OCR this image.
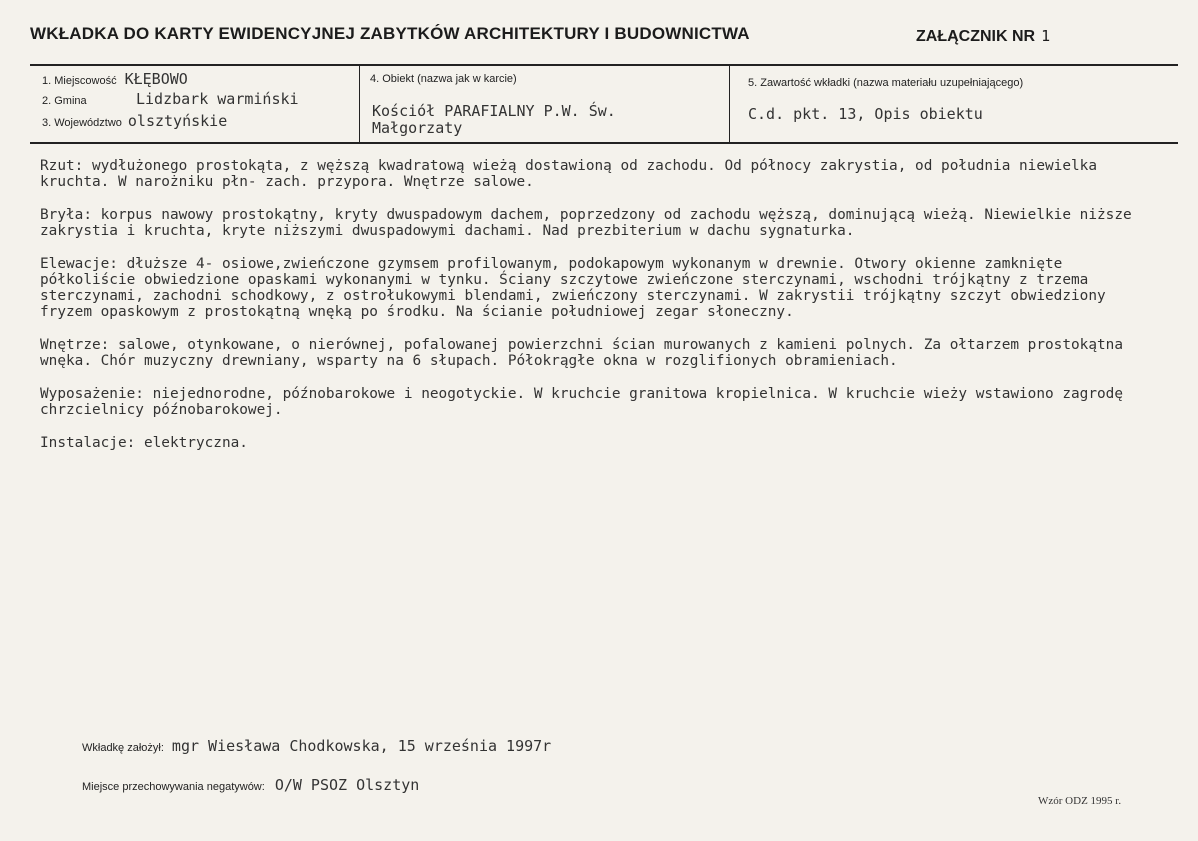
WKŁADKA DO KARTY EWIDENCYJNEJ ZABYTKÓW ARCHITEKTURY I BUDOWNICTWA	ZAŁĄCZNIK NR 1
1. Miejscowość KŁĘBOWO
2. Gmina	Lidzbark warmiński
3. Województwo olsztyńskie
4. Obiekt (nazwa jak w karcie)
Kościół PARAFIALNY P.W. Św.
Małgorzaty
5. Zawartość wkładki (nazwa materiału uzupełniającego)
C.d. pkt. 13, Opis obiektu

Rzut: wydłużonego prostokąta, z węższą kwadratową wieżą dostawioną od zachodu. Od północy zakrystia, od południa niewielka kruchta. W narożniku płn- zach. przypora. Wnętrze salowe.

Bryła: korpus nawowy prostokątny, kryty dwuspadowym dachem, poprzedzony od zachodu węższą, dominującą wieżą. Niewielkie niższe zakrystia i kruchta, kryte niższymi dwuspadowymi dachami. Nad prezbiterium w dachu sygnaturka.

Elewacje: dłuższe 4- osiowe,zwieńczone gzymsem profilowanym, podokapowym wykonanym w drewnie. Otwory okienne zamknięte półkoliście obwiedzione opaskami wykonanymi w tynku. Ściany szczytowe zwieńczone sterczynami, wschodni trójkątny z trzema sterczynami, zachodni schodkowy, z ostrołukowymi blendami, zwieńczony sterczynami. W zakrystii trójkątny szczyt obwiedziony fryzem opaskowym z prostokątną wnęką po środku. Na ścianie południowej zegar słoneczny.

Wnętrze: salowe, otynkowane, o nierównej, pofalowanej powierzchni ścian murowanych z kamieni polnych. Za ołtarzem prostokątna wnęka. Chór muzyczny drewniany, wsparty na 6 słupach. Półokrągłe okna w rozglifionych obramieniach.

Wyposażenie: niejednorodne, późnobarokowe i neogotyckie. W kruchcie granitowa kropielnica. W kruchcie wieży wstawiono zagrodę chrzcielnicy późnobarokowej.

Instalacje: elektryczna.

Wkładkę założył: mgr Wiesława Chodkowska, 15 września 1997r
Miejsce przechowywania negatywów: O/W PSOZ Olsztyn
Wzór ODZ 1995 r.
